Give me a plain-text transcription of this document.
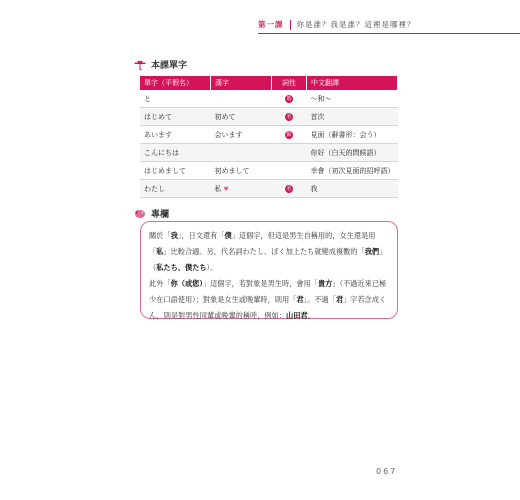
第一課 你是誰？我是誰？這裡是哪裡？
本課單字
單字（平假名）	漢字	詞性	中文翻譯
と		助	～和～
はじめて	初めて	名	首次
あいます	会います	動	見面（辭書形：会う）
こんにちは			你好（白天的問候語）
はじめまして	初めまして		幸會（初次見面的招呼語）
わたし	私 ♥	名	我
專欄
關於「我」，日文還有「僕」這個字，但這是男生自稱用的，女生還是用「私」比較合適。另，代名詞わたし、ぼく加上たち就變成複數的「我們」（私たち、僕たち）。
此外「你（或您）」這個字，若對象是男生時，會用「貴方」（不過近來已極少在口語使用）；對象是女生或晚輩時，則用「君」。不過「君」字若念成くん，則是對男性同輩或晚輩的稱呼，例如：山田君。
067
